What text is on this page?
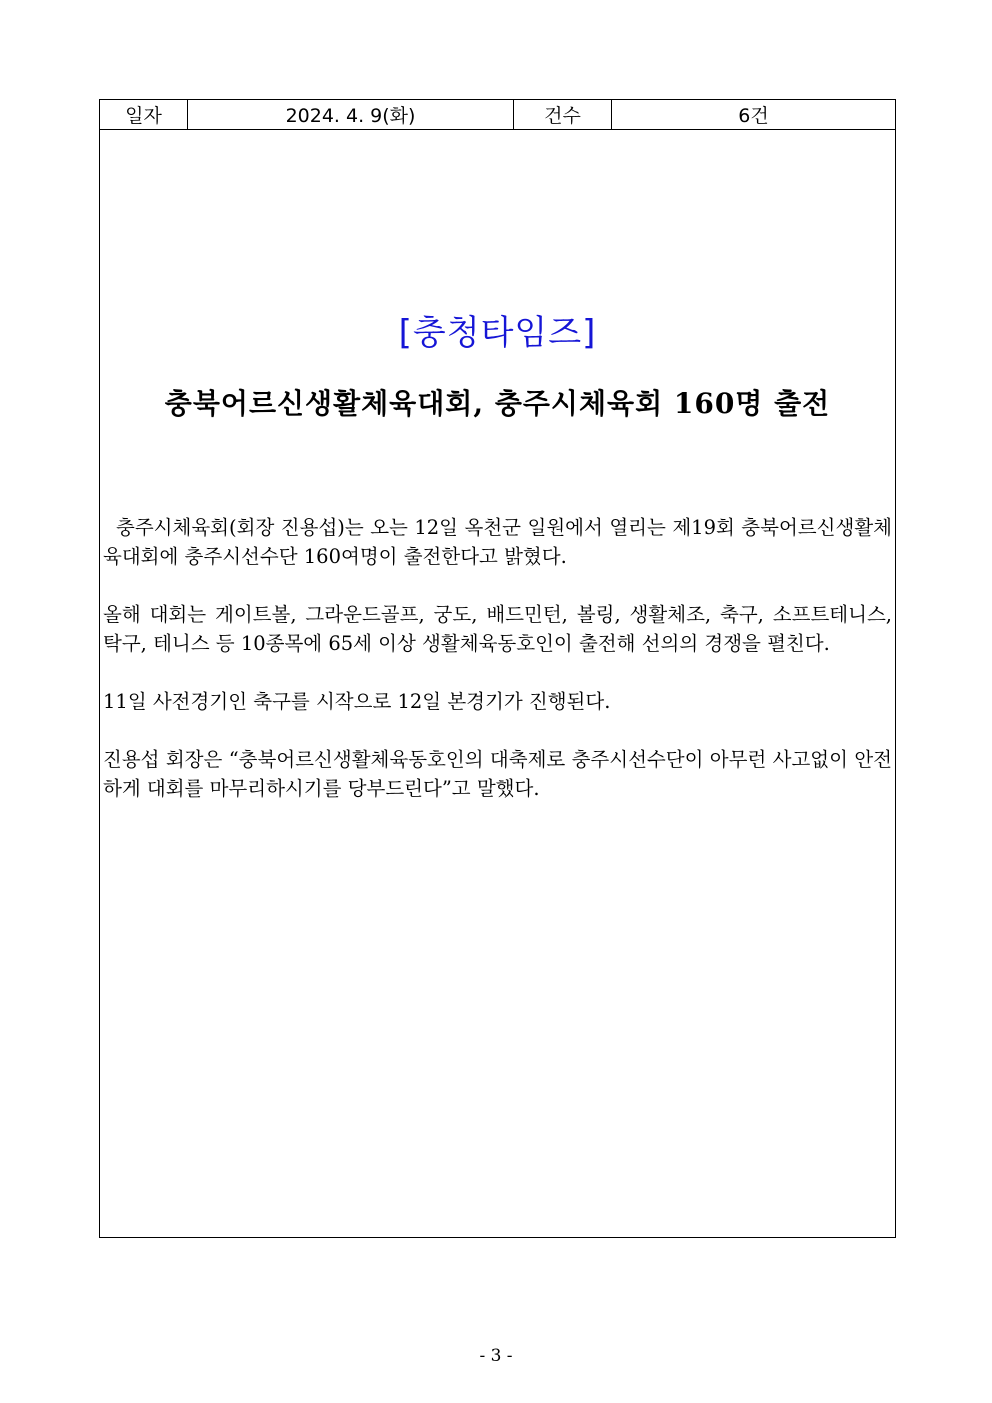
일자	2024. 4. 9(화)	건수	6건
[충청타임즈]
충북어르신생활체육대회, 충주시체육회 160명 출전

충주시체육회(회장 진용섭)는 오는 12일 옥천군 일원에서 열리는 제19회 충북어르신생활체육대회에 충주시선수단 160여명이 출전한다고 밝혔다.

올해 대회는 게이트볼, 그라운드골프, 궁도, 배드민턴, 볼링, 생활체조, 축구, 소프트테니스, 탁구, 테니스 등 10종목에 65세 이상 생활체육동호인이 출전해 선의의 경쟁을 펼친다.

11일 사전경기인 축구를 시작으로 12일 본경기가 진행된다.

진용섭 회장은 “충북어르신생활체육동호인의 대축제로 충주시선수단이 아무런 사고없이 안전하게 대회를 마무리하시기를 당부드린다”고 말했다.

- 3 -
